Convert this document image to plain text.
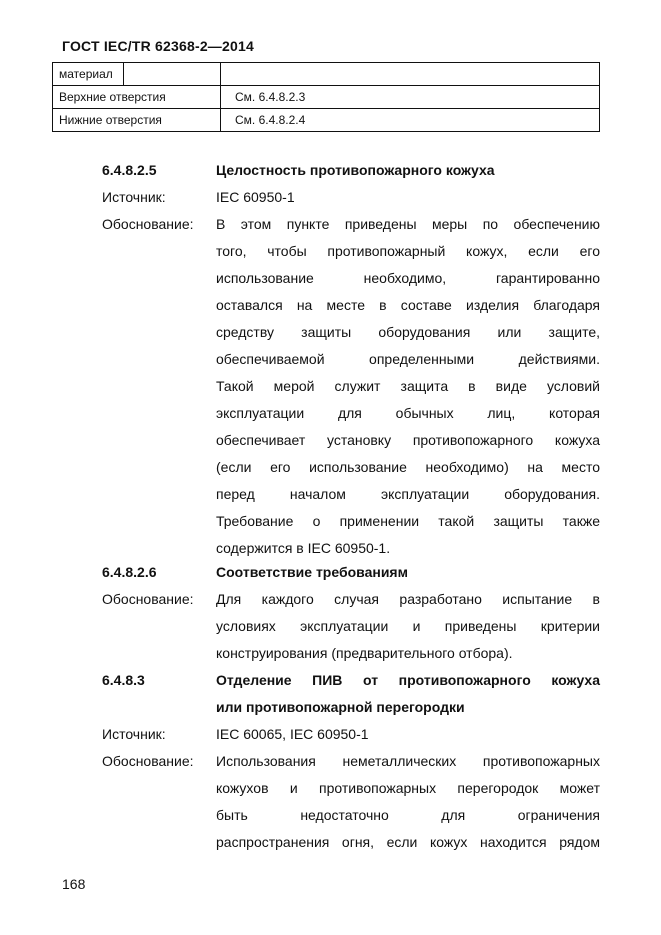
ГОСТ IEC/TR 62368-2—2014
материал		
Верхние отверстия		См. 6.4.8.2.3
Нижние отверстия		См. 6.4.8.2.4
6.4.8.2.5	Целостность противопожарного кожуха
Источник:	IEC 60950-1
Обоснование:	В этом пункте приведены меры по обеспечению
того, чтобы противопожарный кожух, если его
использование необходимо, гарантированно
оставался на месте в составе изделия благодаря
средству защиты оборудования или защите,
обеспечиваемой определенными действиями.
Такой мерой служит защита в виде условий
эксплуатации для обычных лиц, которая
обеспечивает установку противопожарного кожуха
(если его использование необходимо) на место
перед началом эксплуатации оборудования.
Требование о применении такой защиты также
содержится в IEC 60950-1.
6.4.8.2.6	Соответствие требованиям
Обоснование:	Для каждого случая разработано испытание в
условиях эксплуатации и приведены критерии
конструирования (предварительного отбора).
6.4.8.3	Отделение ПИВ от противопожарного кожуха
или противопожарной перегородки
Источник:	IEC 60065, IEC 60950-1
Обоснование:	Использования неметаллических противопожарных
кожухов и противопожарных перегородок может
быть недостаточно для ограничения
распространения огня, если кожух находится рядом
168
